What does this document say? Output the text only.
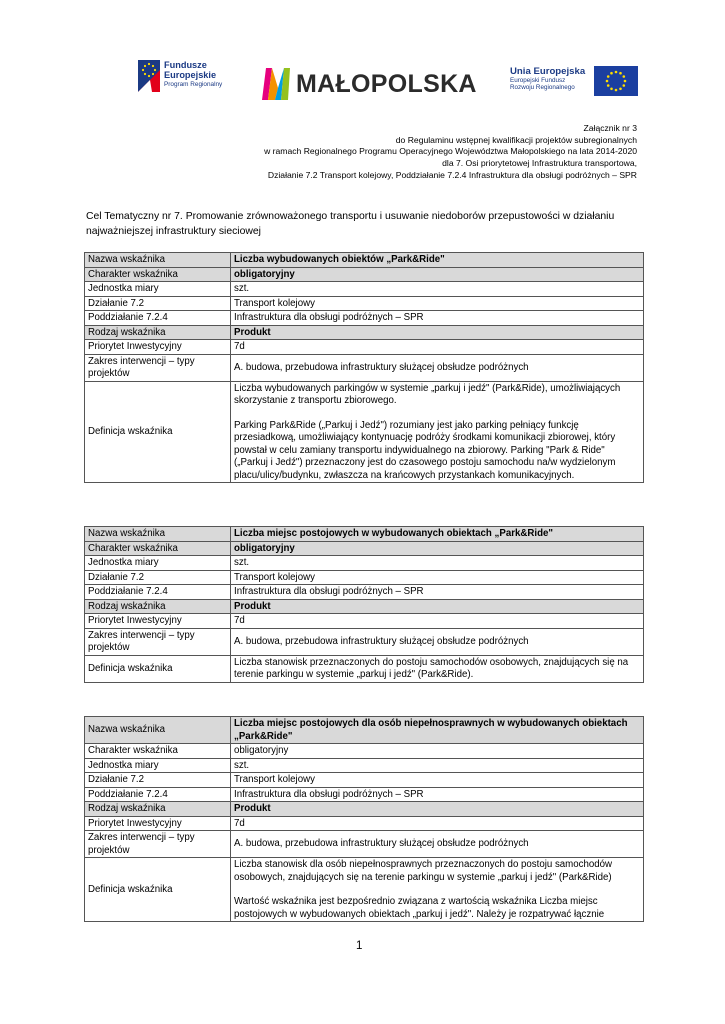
Fundusze
Europejskie
Program Regionalny	MAŁOPOLSKA	Unia Europejska
Europejski Fundusz
Rozwoju Regionalnego
Załącznik nr 3
do Regulaminu wstępnej kwalifikacji projektów subregionalnych
w ramach Regionalnego Programu Operacyjnego Województwa Małopolskiego na lata 2014-2020
dla 7. Osi priorytetowej Infrastruktura transportowa,
Działanie 7.2 Transport kolejowy, Poddziałanie 7.2.4 Infrastruktura dla obsługi podróżnych – SPR
Cel Tematyczny nr 7. Promowanie zrównoważonego transportu i usuwanie niedoborów przepustowości w działaniu najważniejszej infrastruktury sieciowej
Nazwa wskaźnika	Liczba wybudowanych obiektów „Park&Ride"
Charakter wskaźnika	obligatoryjny
Jednostka miary	szt.
Działanie 7.2	Transport kolejowy
Poddziałanie 7.2.4	Infrastruktura dla obsługi podróżnych – SPR
Rodzaj wskaźnika	Produkt
Priorytet Inwestycyjny	7d
Zakres interwencji – typy projektów	A. budowa, przebudowa infrastruktury służącej obsłudze podróżnych
Definicja wskaźnika	Liczba wybudowanych parkingów w systemie „parkuj i jedź" (Park&Ride), umożliwiających skorzystanie z transportu zbiorowego.
Parking Park&Ride („Parkuj i Jedź") rozumiany jest jako parking pełniący funkcję przesiadkową, umożliwiający kontynuację podróży środkami komunikacji zbiorowej, który powstał w celu zamiany transportu indywidualnego na zbiorowy. Parking "Park & Ride" („Parkuj i Jedź") przeznaczony jest do czasowego postoju samochodu na/w wydzielonym placu/ulicy/budynku, zwłaszcza na krańcowych przystankach komunikacyjnych.
Nazwa wskaźnika	Liczba miejsc postojowych w wybudowanych obiektach „Park&Ride"
Charakter wskaźnika	obligatoryjny
Jednostka miary	szt.
Działanie 7.2	Transport kolejowy
Poddziałanie 7.2.4	Infrastruktura dla obsługi podróżnych – SPR
Rodzaj wskaźnika	Produkt
Priorytet Inwestycyjny	7d
Zakres interwencji – typy projektów	A. budowa, przebudowa infrastruktury służącej obsłudze podróżnych
Definicja wskaźnika	Liczba stanowisk przeznaczonych do postoju samochodów osobowych, znajdujących się na terenie parkingu w systemie „parkuj i jedź" (Park&Ride).
Nazwa wskaźnika	Liczba miejsc postojowych dla osób niepełnosprawnych w wybudowanych obiektach „Park&Ride"
Charakter wskaźnika	obligatoryjny
Jednostka miary	szt.
Działanie 7.2	Transport kolejowy
Poddziałanie 7.2.4	Infrastruktura dla obsługi podróżnych – SPR
Rodzaj wskaźnika	Produkt
Priorytet Inwestycyjny	7d
Zakres interwencji – typy projektów	A. budowa, przebudowa infrastruktury służącej obsłudze podróżnych
Definicja wskaźnika	Liczba stanowisk dla osób niepełnosprawnych przeznaczonych do postoju samochodów osobowych, znajdujących się na terenie parkingu w systemie „parkuj i jedź" (Park&Ride)
Wartość wskaźnika jest bezpośrednio związana z wartością wskaźnika Liczba miejsc postojowych w wybudowanych obiektach „parkuj i jedź". Należy je rozpatrywać łącznie
1
